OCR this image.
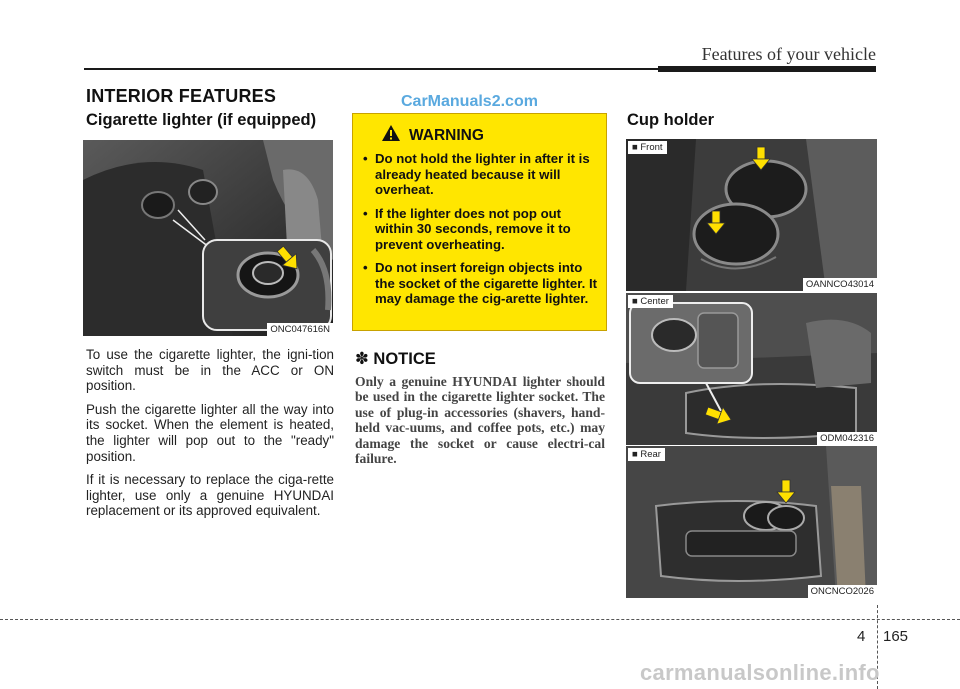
Features of your vehicle
INTERIOR FEATURES	CarManuals2.com
Cigarette lighter (if equipped)
ONC047616N

To use the cigarette lighter, the igni-tion switch must be in the ACC or ON position.

Push the cigarette lighter all the way into its socket. When the element is heated, the lighter will pop out to the "ready" position.

If it is necessary to replace the ciga-rette lighter, use only a genuine HYUNDAI replacement or its approved equivalent.

WARNING
• Do not hold the lighter in after it is already heated because it will overheat.
• If the lighter does not pop out within 30 seconds, remove it to prevent overheating.
• Do not insert foreign objects into the socket of the cigarette lighter. It may damage the cig-arette lighter.
✽ NOTICE
Only a genuine HYUNDAI lighter should be used in the cigarette lighter socket. The use of plug-in accessories (shavers, hand-held vac-uums, and coffee pots, etc.) may damage the socket or cause electri-cal failure.
Cup holder
■ Front
OANNCO43014
■ Center
ODM042316
■ Rear
ONCNCO2026
4 165
carmanualsonline.info
